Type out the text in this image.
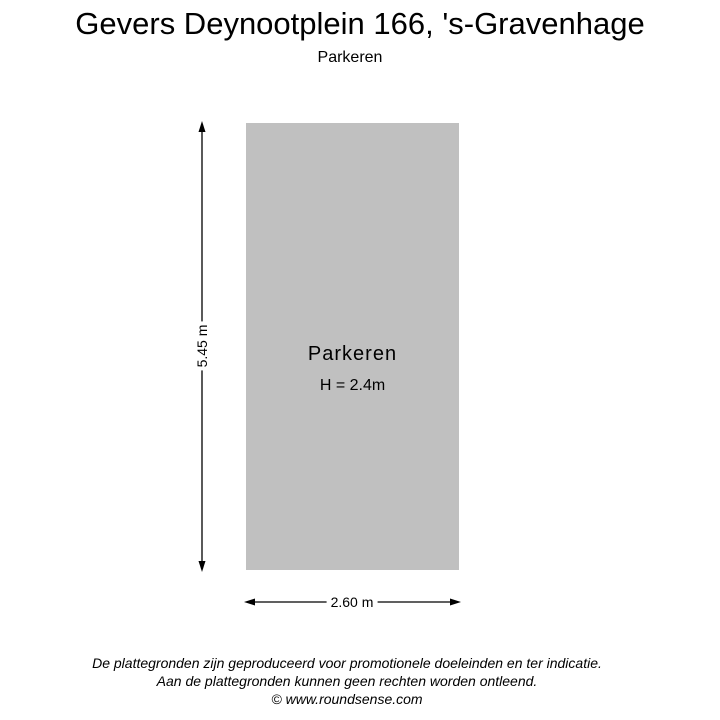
Gevers Deynootplein 166, 's-Gravenhage
Parkeren
Parkeren
H = 2.4m
5.45 m
2.60 m
De plattegronden zijn geproduceerd voor promotionele doeleinden en ter indicatie.
Aan de plattegronden kunnen geen rechten worden ontleend.
© www.roundsense.com
